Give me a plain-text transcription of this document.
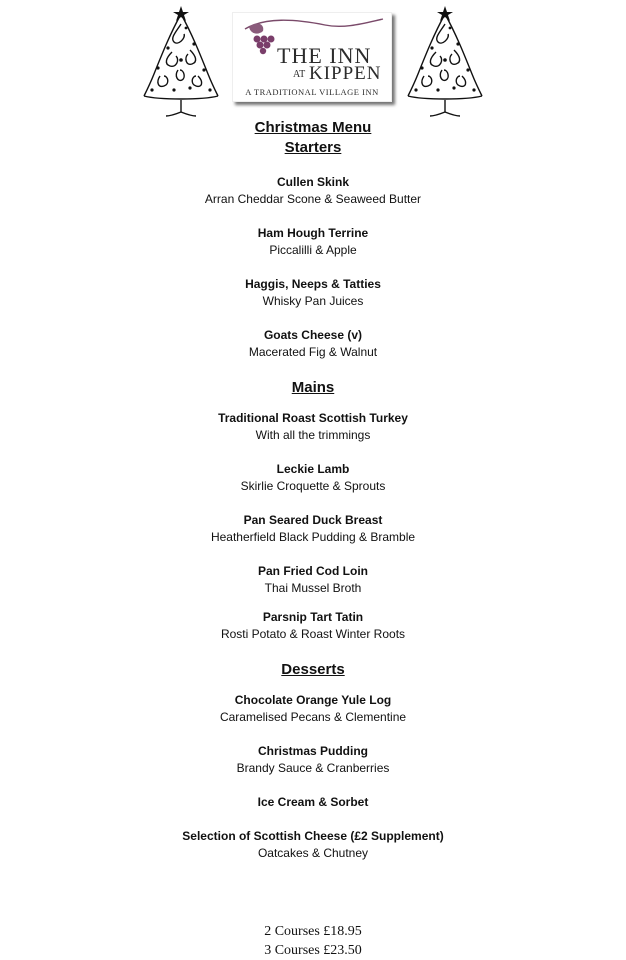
THE INN
AT KIPPEN
A TRADITIONAL VILLAGE INN
Christmas Menu
Starters
Cullen Skink
Arran Cheddar Scone & Seaweed Butter
Ham Hough Terrine
Piccalilli & Apple
Haggis, Neeps & Tatties
Whisky Pan Juices
Goats Cheese (v)
Macerated Fig & Walnut
Mains
Traditional Roast Scottish Turkey
With all the trimmings
Leckie Lamb
Skirlie Croquette & Sprouts
Pan Seared Duck Breast
Heatherfield Black Pudding & Bramble
Pan Fried Cod Loin
Thai Mussel Broth
Parsnip Tart Tatin
Rosti Potato & Roast Winter Roots
Desserts
Chocolate Orange Yule Log
Caramelised Pecans & Clementine
Christmas Pudding
Brandy Sauce & Cranberries
Ice Cream & Sorbet
Selection of Scottish Cheese (£2 Supplement)
Oatcakes & Chutney
2 Courses £18.95
3 Courses £23.50
